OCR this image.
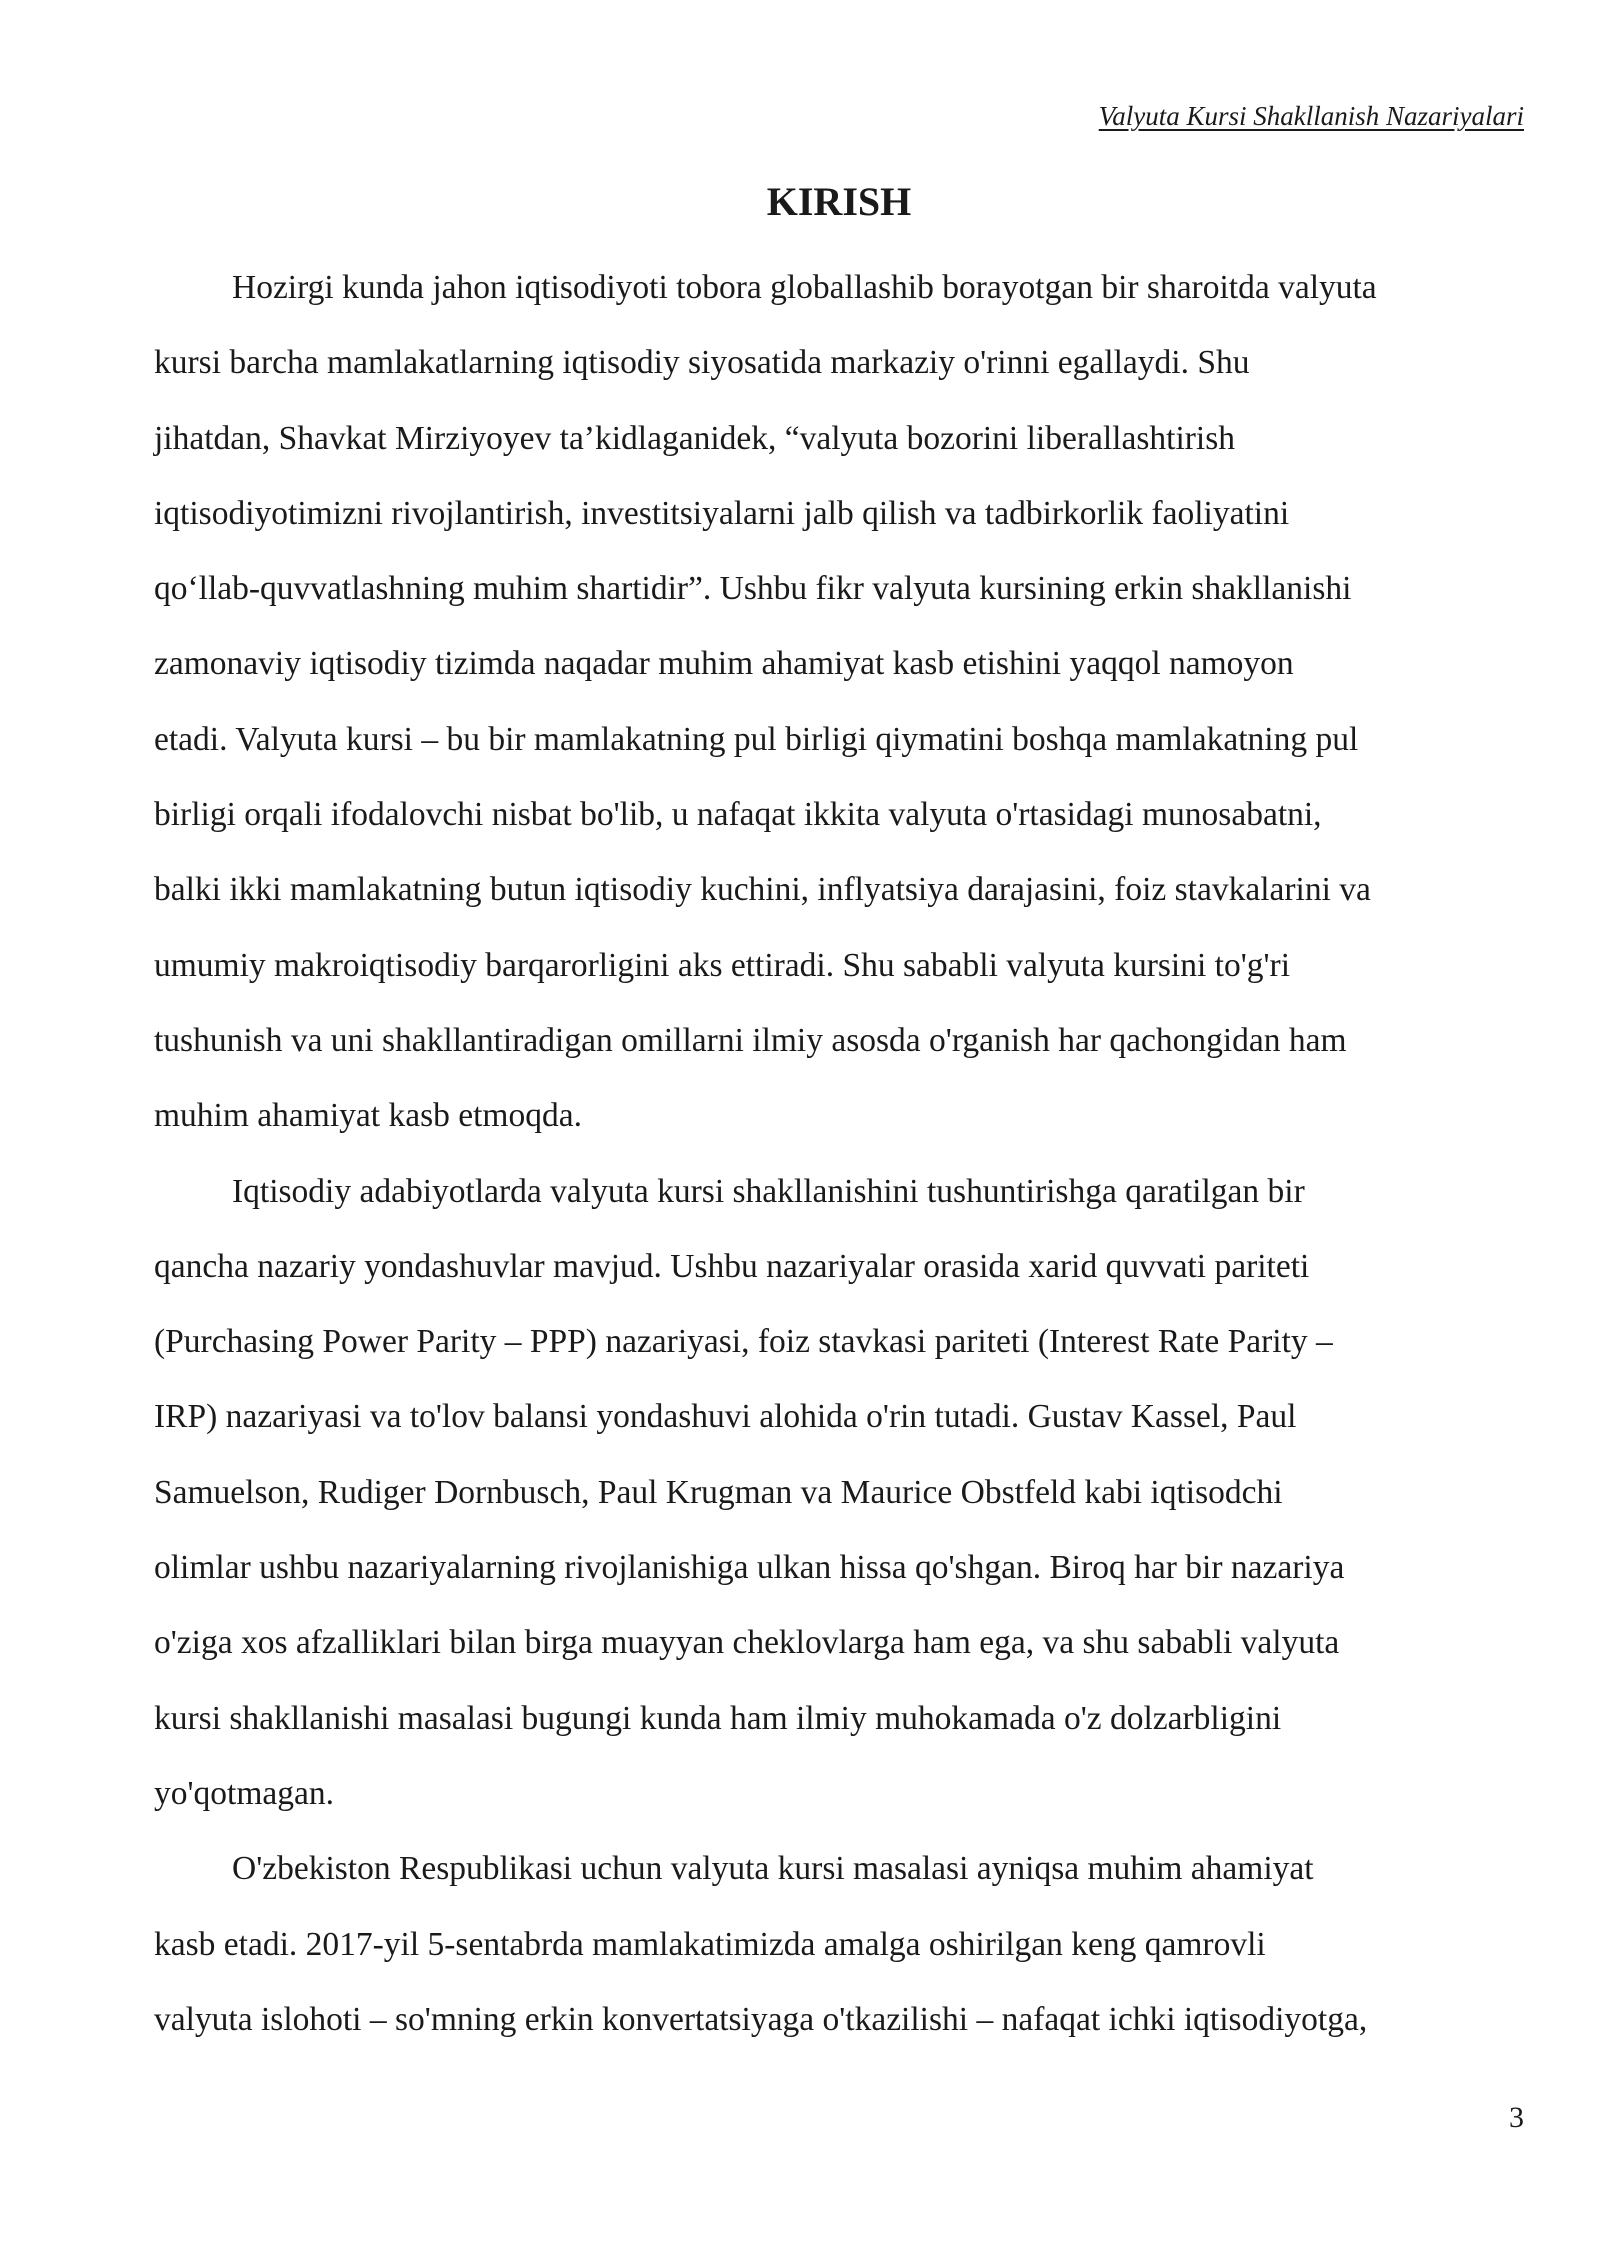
Valyuta Kursi Shakllanish Nazariyalari
KIRISH

Hozirgi kunda jahon iqtisodiyoti tobora globallashib borayotgan bir sharoitda valyuta
kursi barcha mamlakatlarning iqtisodiy siyosatida markaziy o'rinni egallaydi. Shu
jihatdan, Shavkat Mirziyoyev ta’kidlaganidek, “valyuta bozorini liberallashtirish
iqtisodiyotimizni rivojlantirish, investitsiyalarni jalb qilish va tadbirkorlik faoliyatini
qo‘llab-quvvatlashning muhim shartidir”. Ushbu fikr valyuta kursining erkin shakllanishi
zamonaviy iqtisodiy tizimda naqadar muhim ahamiyat kasb etishini yaqqol namoyon
etadi. Valyuta kursi – bu bir mamlakatning pul birligi qiymatini boshqa mamlakatning pul
birligi orqali ifodalovchi nisbat bo'lib, u nafaqat ikkita valyuta o'rtasidagi munosabatni,
balki ikki mamlakatning butun iqtisodiy kuchini, inflyatsiya darajasini, foiz stavkalarini va
umumiy makroiqtisodiy barqarorligini aks ettiradi. Shu sababli valyuta kursini to'g'ri
tushunish va uni shakllantiradigan omillarni ilmiy asosda o'rganish har qachongidan ham
muhim ahamiyat kasb etmoqda.

Iqtisodiy adabiyotlarda valyuta kursi shakllanishini tushuntirishga qaratilgan bir
qancha nazariy yondashuvlar mavjud. Ushbu nazariyalar orasida xarid quvvati pariteti
(Purchasing Power Parity – PPP) nazariyasi, foiz stavkasi pariteti (Interest Rate Parity –
IRP) nazariyasi va to'lov balansi yondashuvi alohida o'rin tutadi. Gustav Kassel, Paul
Samuelson, Rudiger Dornbusch, Paul Krugman va Maurice Obstfeld kabi iqtisodchi
olimlar ushbu nazariyalarning rivojlanishiga ulkan hissa qo'shgan. Biroq har bir nazariya
o'ziga xos afzalliklari bilan birga muayyan cheklovlarga ham ega, va shu sababli valyuta
kursi shakllanishi masalasi bugungi kunda ham ilmiy muhokamada o'z dolzarbligini
yo'qotmagan.

O'zbekiston Respublikasi uchun valyuta kursi masalasi ayniqsa muhim ahamiyat
kasb etadi. 2017-yil 5-sentabrda mamlakatimizda amalga oshirilgan keng qamrovli
valyuta islohoti – so'mning erkin konvertatsiyaga o'tkazilishi – nafaqat ichki iqtisodiyotga,

3
